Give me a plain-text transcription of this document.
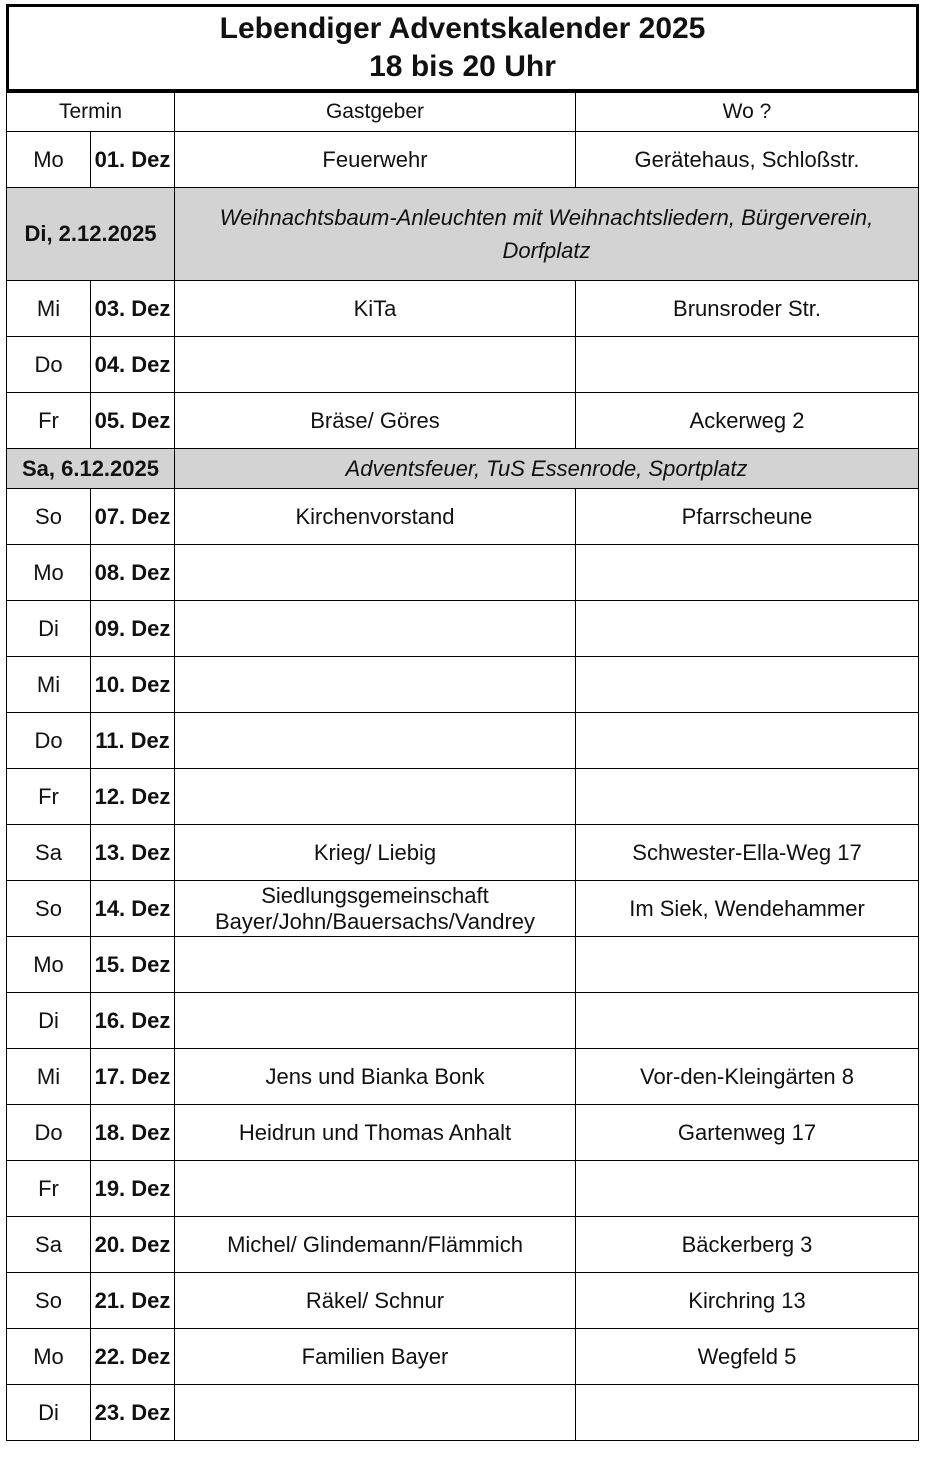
Lebendiger Adventskalender 2025
18 bis 20 Uhr
Termin		Gastgeber	Wo ?
Mo	01. Dez	Feuerwehr	Gerätehaus, Schloßstr.
Di, 2.12.2025		Weihnachtsbaum-Anleuchten mit Weihnachtsliedern, Bürgerverein, Dorfplatz	
Mi	03. Dez	KiTa	Brunsroder Str.
Do	04. Dez		
Fr	05. Dez	Bräse/ Göres	Ackerweg 2
Sa, 6.12.2025		Adventsfeuer, TuS Essenrode, Sportplatz	
So	07. Dez	Kirchenvorstand	Pfarrscheune
Mo	08. Dez		
Di	09. Dez		
Mi	10. Dez		
Do	11. Dez		
Fr	12. Dez		
Sa	13. Dez	Krieg/ Liebig	Schwester-Ella-Weg 17
So	14. Dez	Siedlungsgemeinschaft Bayer/John/Bauersachs/Vandrey	Im Siek, Wendehammer
Mo	15. Dez		
Di	16. Dez		
Mi	17. Dez	Jens und Bianka Bonk	Vor-den-Kleingärten 8
Do	18. Dez	Heidrun und Thomas Anhalt	Gartenweg 17
Fr	19. Dez		
Sa	20. Dez	Michel/ Glindemann/Flämmich	Bäckerberg 3
So	21. Dez	Räkel/ Schnur	Kirchring 13
Mo	22. Dez	Familien Bayer	Wegfeld 5
Di	23. Dez		
